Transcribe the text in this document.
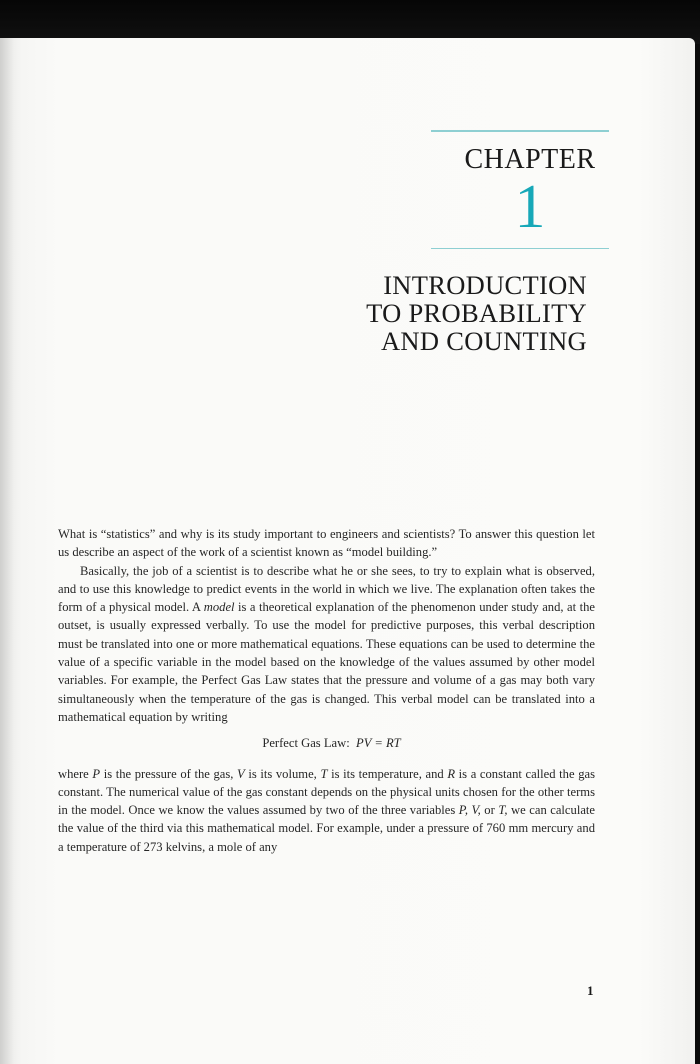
CHAPTER
1
INTRODUCTION
TO PROBABILITY
AND COUNTING

What is “statistics” and why is its study important to engineers and scientists? To answer this question let us describe an aspect of the work of a scientist known as “model building.”

Basically, the job of a scientist is to describe what he or she sees, to try to explain what is observed, and to use this knowledge to predict events in the world in which we live. The explanation often takes the form of a physical model. A model is a theoretical explanation of the phenomenon under study and, at the outset, is usually expressed verbally. To use the model for predictive purposes, this verbal description must be translated into one or more mathematical equations. These equations can be used to determine the value of a specific variable in the model based on the knowledge of the values assumed by other model variables. For example, the Perfect Gas Law states that the pressure and volume of a gas may both vary simultaneously when the temperature of the gas is changed. This verbal model can be translated into a mathematical equation by writing

Perfect Gas Law: PV = RT

where P is the pressure of the gas, V is its volume, T is its temperature, and R is a constant called the gas constant. The numerical value of the gas constant depends on the physical units chosen for the other terms in the model. Once we know the values assumed by two of the three variables P, V, or T, we can calculate the value of the third via this mathematical model. For example, under a pressure of 760 mm mercury and a temperature of 273 kelvins, a mole of any

1
